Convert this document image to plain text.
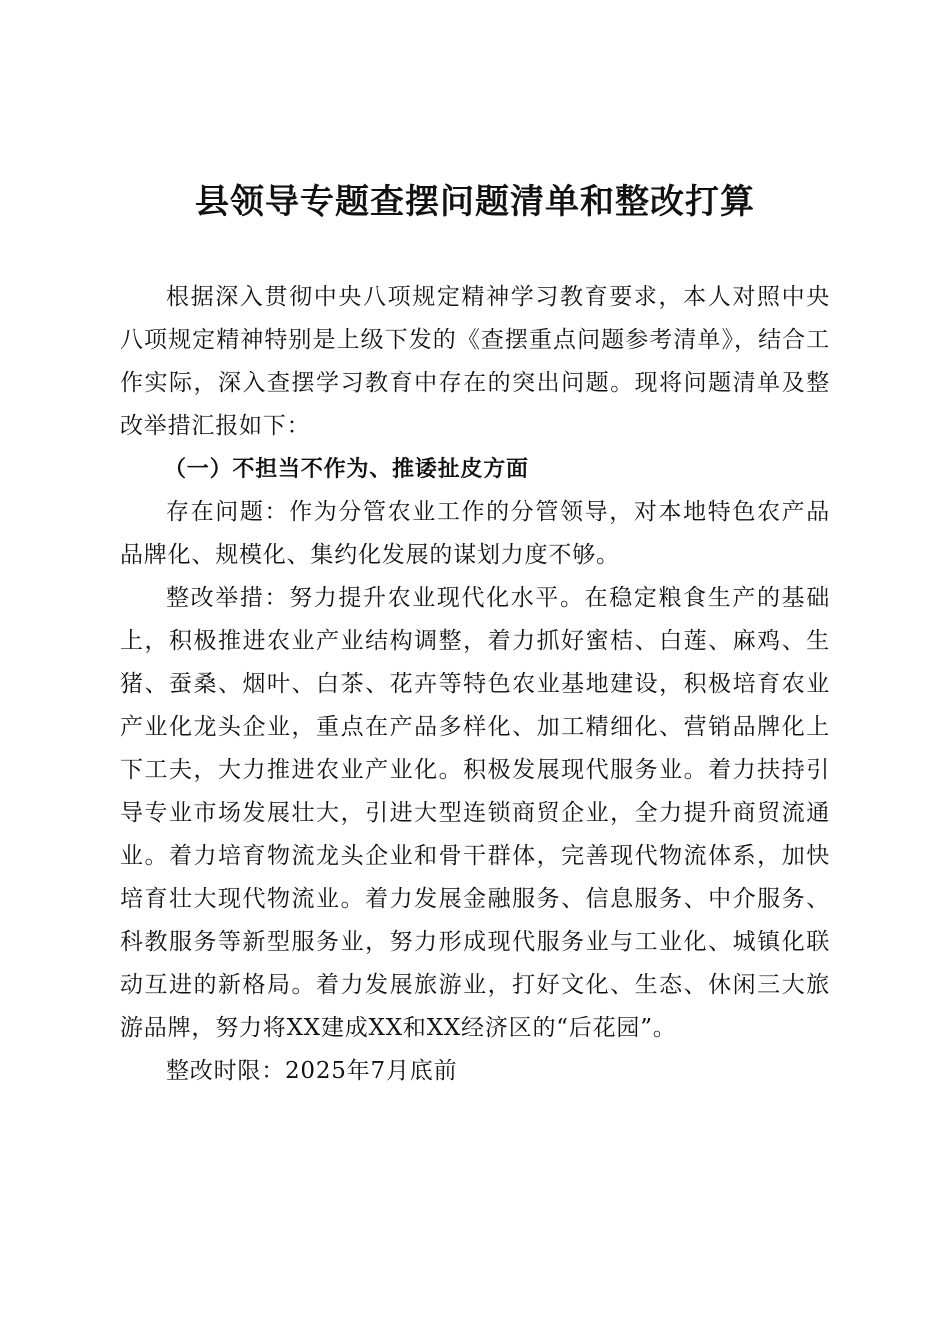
县领导专题查摆问题清单和整改打算

根据深入贯彻中央八项规定精神学习教育要求，本人对照中央八项规定精神特别是上级下发的《查摆重点问题参考清单》，结合工作实际，深入查摆学习教育中存在的突出问题。现将问题清单及整改举措汇报如下：

（一）不担当不作为、推诿扯皮方面

存在问题：作为分管农业工作的分管领导，对本地特色农产品品牌化、规模化、集约化发展的谋划力度不够。

整改举措：努力提升农业现代化水平。在稳定粮食生产的基础上，积极推进农业产业结构调整，着力抓好蜜桔、白莲、麻鸡、生猪、蚕桑、烟叶、白茶、花卉等特色农业基地建设，积极培育农业产业化龙头企业，重点在产品多样化、加工精细化、营销品牌化上下工夫，大力推进农业产业化。积极发展现代服务业。着力扶持引导专业市场发展壮大，引进大型连锁商贸企业，全力提升商贸流通业。着力培育物流龙头企业和骨干群体，完善现代物流体系，加快培育壮大现代物流业。着力发展金融服务、信息服务、中介服务、科教服务等新型服务业，努力形成现代服务业与工业化、城镇化联动互进的新格局。着力发展旅游业，打好文化、生态、休闲三大旅游品牌，努力将XX建成XX和XX经济区的“后花园”。

整改时限：2025年7月底前
